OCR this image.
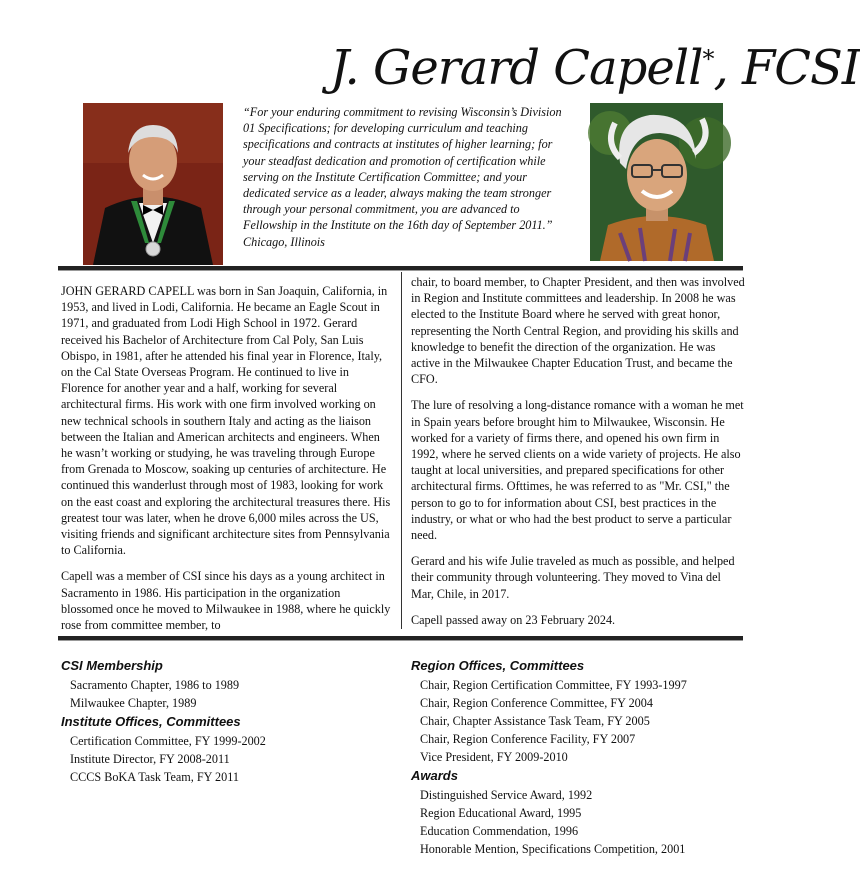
J. Gerard Capell*, FCSI
“For your enduring commitment to revising Wisconsin’s Division 01 Specifications; for developing curriculum and teaching specifications and contracts at institutes of higher learning; for your steadfast dedication and promotion of certification while serving on the Institute Certification Committee; and your dedicated service as a leader, always making the team stronger through your personal commitment, you are advanced to Fellowship in the Institute on the 16th day of September 2011.”
Chicago, Illinois

JOHN GERARD CAPELL was born in San Joaquin, California, in 1953, and lived in Lodi, California. He became an Eagle Scout in 1971, and graduated from Lodi High School in 1972. Gerard received his Bachelor of Architecture from Cal Poly, San Luis Obispo, in 1981, after he attended his final year in Florence, Italy, on the Cal State Overseas Program. He continued to live in Florence for another year and a half, working for several architectural firms. His work with one firm involved working on new technical schools in southern Italy and acting as the liaison between the Italian and American architects and engineers. When he wasn’t working or studying, he was traveling through Europe from Grenada to Moscow, soaking up centuries of architecture. He continued this wanderlust through most of 1983, looking for work on the east coast and exploring the architectural treasures there. His greatest tour was later, when he drove 6,000 miles across the US, visiting friends and significant architecture sites from Pennsylvania to California.

Capell was a member of CSI since his days as a young architect in Sacramento in 1986. His participation in the organization blossomed once he moved to Milwaukee in 1988, where he quickly rose from committee member, to

chair, to board member, to Chapter President, and then was involved in Region and Institute committees and leadership. In 2008 he was elected to the Institute Board where he served with great honor, representing the North Central Region, and providing his skills and knowledge to benefit the direction of the organization. He was active in the Milwaukee Chapter Education Trust, and became the CFO.

The lure of resolving a long-distance romance with a woman he met in Spain years before brought him to Milwaukee, Wisconsin. He worked for a variety of firms there, and opened his own firm in 1992, where he served clients on a wide variety of projects. He also taught at local universities, and prepared specifications for other architectural firms. Ofttimes, he was referred to as "Mr. CSI," the person to go to for information about CSI, best practices in the industry, or what or who had the best product to serve a particular need.

Gerard and his wife Julie traveled as much as possible, and helped their community through volunteering. They moved to Vina del Mar, Chile, in 2017.

Capell passed away on 23 February 2024.

CSI Membership
Sacramento Chapter, 1986 to 1989
Milwaukee Chapter, 1989
Institute Offices, Committees
Certification Committee, FY 1999-2002
Institute Director, FY 2008-2011
CCCS BoKA Task Team, FY 2011
Region Offices, Committees
Chair, Region Certification Committee, FY 1993-1997
Chair, Region Conference Committee, FY 2004
Chair, Chapter Assistance Task Team, FY 2005
Chair, Region Conference Facility, FY 2007
Vice President, FY 2009-2010
Awards
Distinguished Service Award, 1992
Region Educational Award, 1995
Education Commendation, 1996
Honorable Mention, Specifications Competition, 2001
